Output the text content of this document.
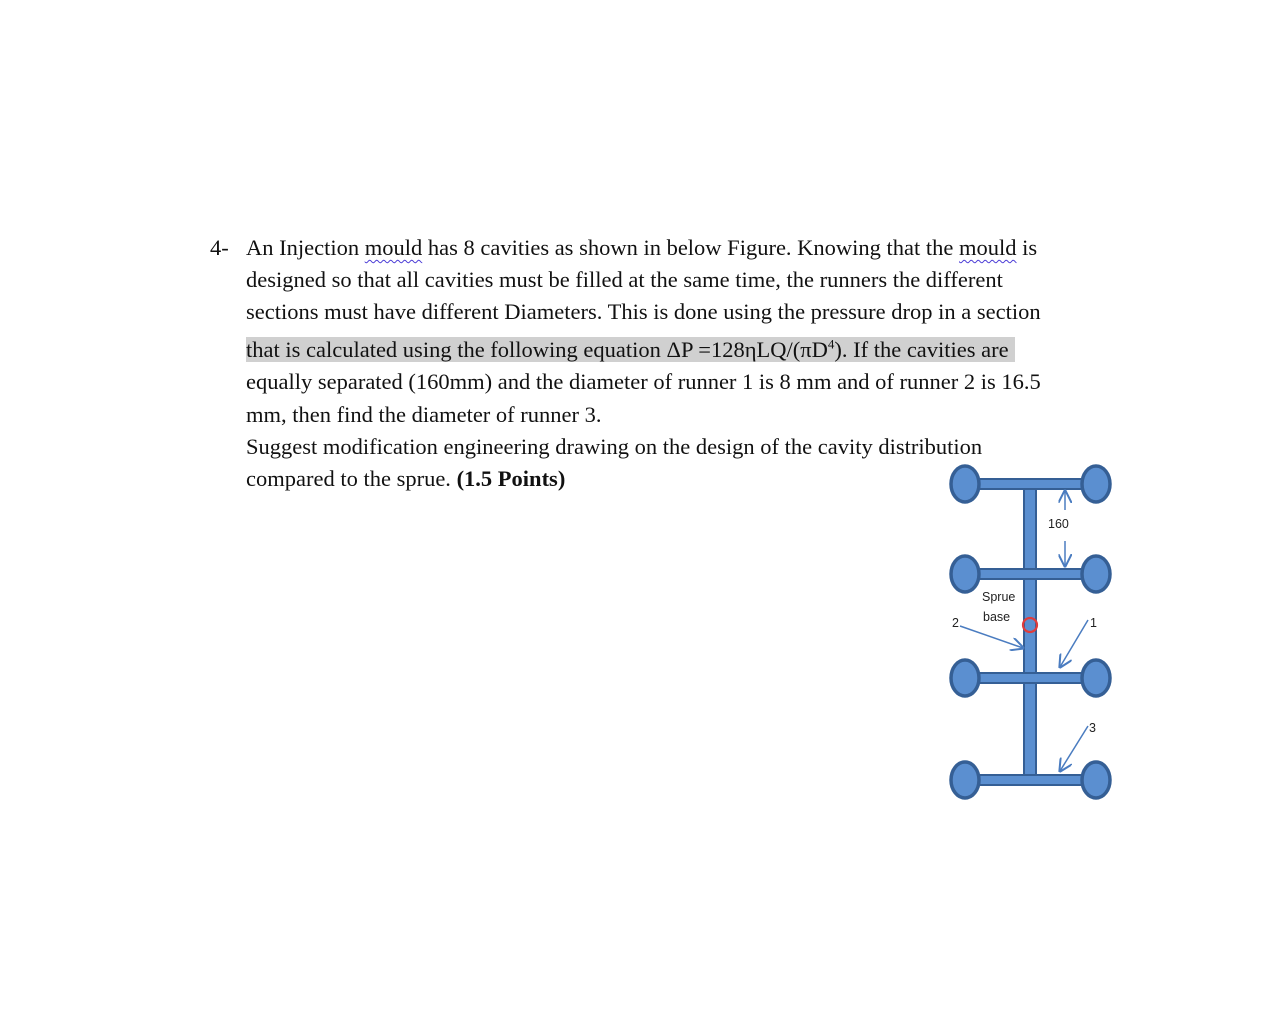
4- An Injection mould has 8 cavities as shown in below Figure. Knowing that the mould is
designed so that all cavities must be filled at the same time, the runners the different
sections must have different Diameters. This is done using the pressure drop in a section
that is calculated using the following equation $\Delta P =128\eta LQ/(\pi D^4)$. If the cavities are
equally separated (160mm) and the diameter of runner 1 is 8 mm and of runner 2 is 16.5
mm, then find the diameter of runner 3.
Suggest modification engineering drawing on the design of the cavity distribution
compared to the sprue. (1.5 Points)
160
Sprue
base
2	1
3
